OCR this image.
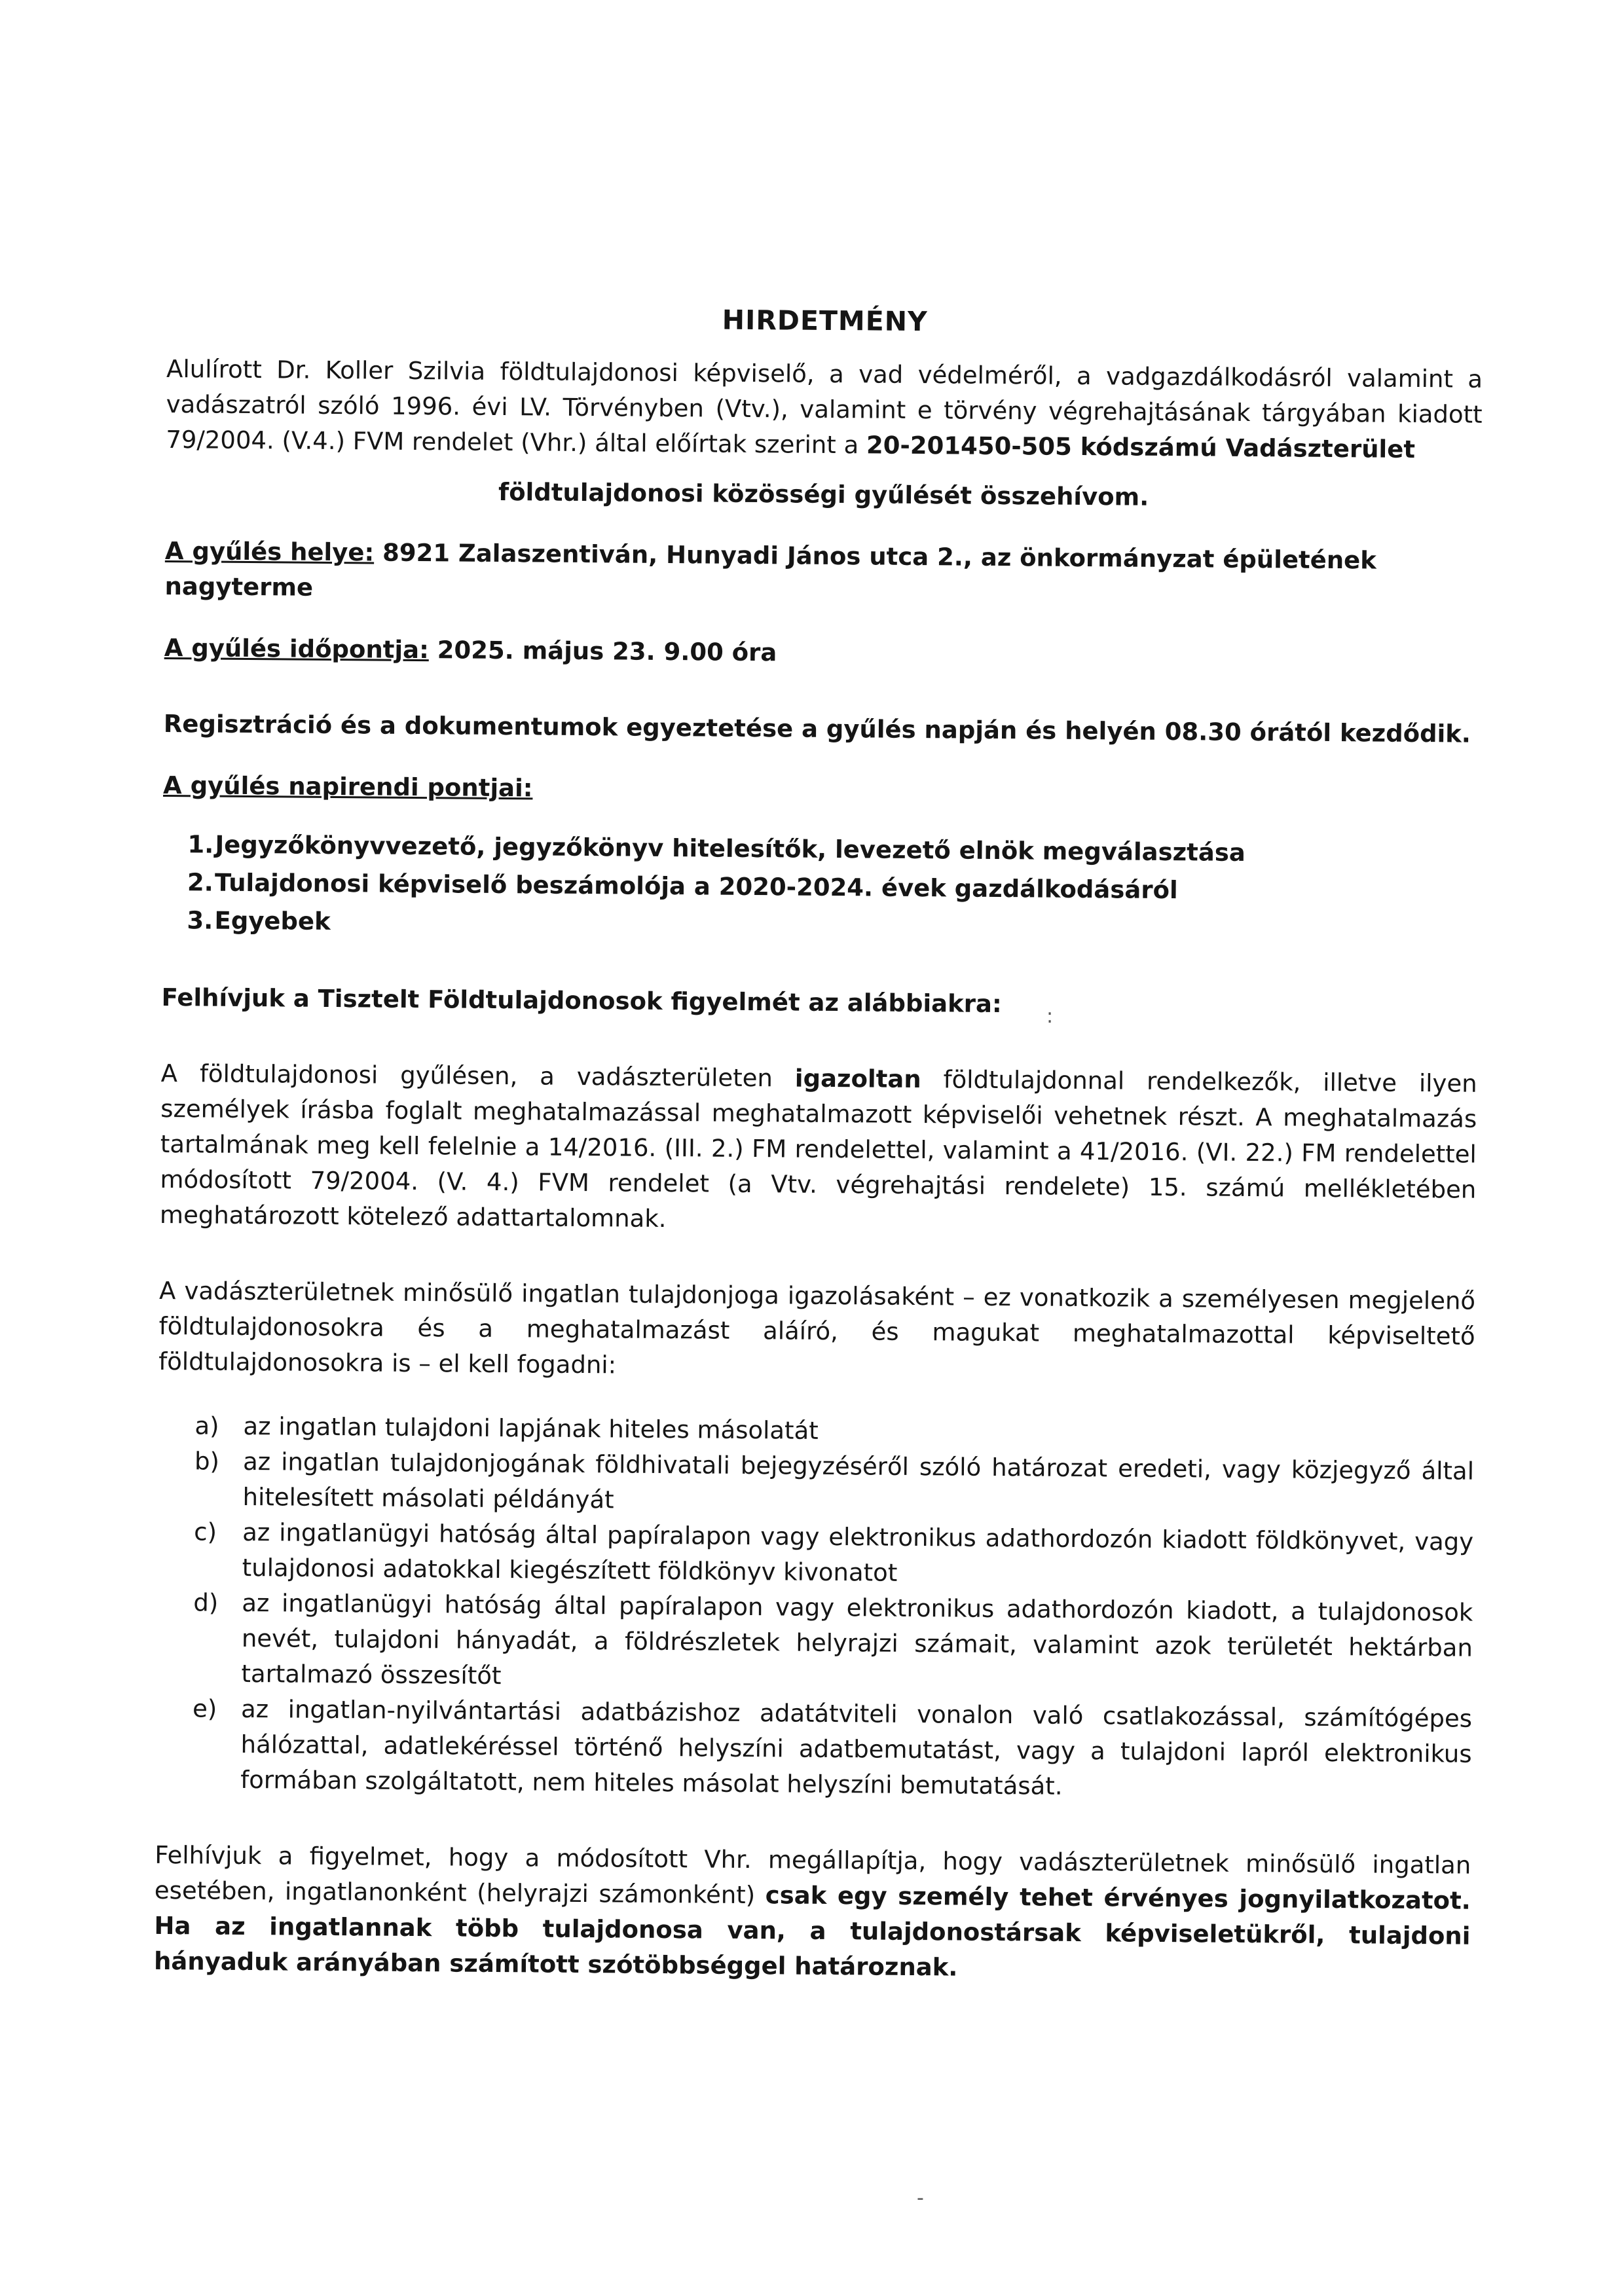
HIRDETMÉNY

Alulírott Dr. Koller Szilvia földtulajdonosi képviselő, a vad védelméről, a vadgazdálkodásról valamint a vadászatról szóló 1996. évi LV. Törvényben (Vtv.), valamint e törvény végrehajtásának tárgyában kiadott 79/2004. (V.4.) FVM rendelet (Vhr.) által előírtak szerint a 20-201450-505 kódszámú Vadászterület

földtulajdonosi közösségi gyűlését összehívom.

A gyűlés helye: 8921 Zalaszentiván, Hunyadi János utca 2., az önkormányzat épületének nagyterme

A gyűlés időpontja: 2025. május 23. 9.00 óra

Regisztráció és a dokumentumok egyeztetése a gyűlés napján és helyén 08.30 órától kezdődik.

A gyűlés napirendi pontjai:

1. Jegyzőkönyvvezető, jegyzőkönyv hitelesítők, levezető elnök megválasztása
2. Tulajdonosi képviselő beszámolója a 2020-2024. évek gazdálkodásáról
3. Egyebek

Felhívjuk a Tisztelt Földtulajdonosok figyelmét az alábbiakra:

A földtulajdonosi gyűlésen, a vadászterületen igazoltan földtulajdonnal rendelkezők, illetve ilyen személyek írásba foglalt meghatalmazással meghatalmazott képviselői vehetnek részt. A meghatalmazás tartalmának meg kell felelnie a 14/2016. (III. 2.) FM rendelettel, valamint a 41/2016. (VI. 22.) FM rendelettel módosított 79/2004. (V. 4.) FVM rendelet (a Vtv. végrehajtási rendelete) 15. számú mellékletében meghatározott kötelező adattartalomnak.

A vadászterületnek minősülő ingatlan tulajdonjoga igazolásaként – ez vonatkozik a személyesen megjelenő földtulajdonosokra és a meghatalmazást aláíró, és magukat meghatalmazottal képviseltető földtulajdonosokra is – el kell fogadni:

a) az ingatlan tulajdoni lapjának hiteles másolatát
b) az ingatlan tulajdonjogának földhivatali bejegyzéséről szóló határozat eredeti, vagy közjegyző által hitelesített másolati példányát
c) az ingatlanügyi hatóság által papíralapon vagy elektronikus adathordozón kiadott földkönyvet, vagy tulajdonosi adatokkal kiegészített földkönyv kivonatot
d) az ingatlanügyi hatóság által papíralapon vagy elektronikus adathordozón kiadott, a tulajdonosok nevét, tulajdoni hányadát, a földrészletek helyrajzi számait, valamint azok területét hektárban tartalmazó összesítőt
e) az ingatlan-nyilvántartási adatbázishoz adatátviteli vonalon való csatlakozással, számítógépes hálózattal, adatlekéréssel történő helyszíni adatbemutatást, vagy a tulajdoni lapról elektronikus formában szolgáltatott, nem hiteles másolat helyszíni bemutatását.

Felhívjuk a figyelmet, hogy a módosított Vhr. megállapítja, hogy vadászterületnek minősülő ingatlan esetében, ingatlanonként (helyrajzi számonként) csak egy személy tehet érvényes jognyilatkozatot. Ha az ingatlannak több tulajdonosa van, a tulajdonostársak képviseletükről, tulajdoni hányaduk arányában számított szótöbbséggel határoznak.

:
-
